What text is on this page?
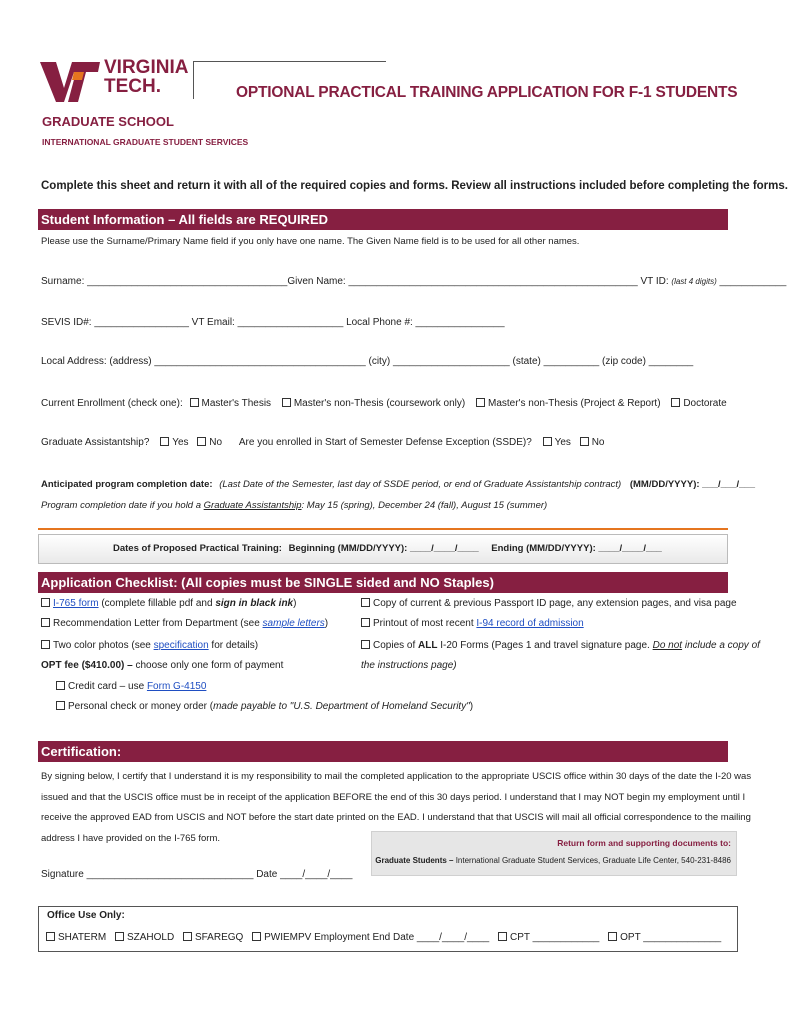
VIRGINIA
TECH.	OPTIONAL PRACTICAL TRAINING APPLICATION FOR F-1 STUDENTS
GRADUATE SCHOOL
INTERNATIONAL GRADUATE STUDENT SERVICES
Complete this sheet and return it with all of the required copies and forms. Review all instructions included before completing the forms.
Student Information – All fields are REQUIRED
Please use the Surname/Primary Name field if you only have one name. The Given Name field is to be used for all other names.
Surname: ____________________________________Given Name: ____________________________________________________ VT ID: (last 4 digits) ____________
SEVIS ID#: _________________ VT Email: ___________________ Local Phone #: ________________
Local Address: (address) ______________________________________ (city) _____________________ (state) __________ (zip code) ________
Current Enrollment (check one): Master's Thesis Master's non-Thesis (coursework only) Master's non-Thesis (Project & Report) Doctorate
Graduate Assistantship? Yes No Are you enrolled in Start of Semester Defense Exception (SSDE)? Yes No
Anticipated program completion date: (Last Date of the Semester, last day of SSDE period, or end of Graduate Assistantship contract) (MM/DD/YYYY): ___/___/___
Program completion date if you hold a Graduate Assistantship: May 15 (spring), December 24 (fall), August 15 (summer)
Dates of Proposed Practical Training: Beginning (MM/DD/YYYY): ____/____/____ Ending (MM/DD/YYYY): ____/____/___
Application Checklist: (All copies must be SINGLE sided and NO Staples)
I-765 form (complete fillable pdf and sign in black ink)
Recommendation Letter from Department (see sample letters)
Two color photos (see specification for details)
OPT fee ($410.00) – choose only one form of payment
Credit card – use Form G-4150
Personal check or money order (made payable to "U.S. Department of Homeland Security")
Copy of current & previous Passport ID page, any extension pages, and visa page
Printout of most recent I-94 record of admission
Copies of ALL I-20 Forms (Pages 1 and travel signature page. Do not include a copy of
the instructions page)
Certification:
By signing below, I certify that I understand it is my responsibility to mail the completed application to the appropriate USCIS office within 30 days of the date the I-20 was
issued and that the USCIS office must be in receipt of the application BEFORE the end of this 30 days period. I understand that I may NOT begin my employment until I
receive the approved EAD from USCIS and NOT before the start date printed on the EAD. I understand that that USCIS will mail all official correspondence to the mailing
address I have provided on the I-765 form.	Return form and supporting documents to:
Graduate Students – International Graduate Student Services, Graduate Life Center, 540-231-8486
Signature ______________________________ Date ____/____/____
Office Use Only:
SHATERM SZAHOLD SFAREGQ PWIEMPV Employment End Date ____/____/____ CPT ____________ OPT ______________
